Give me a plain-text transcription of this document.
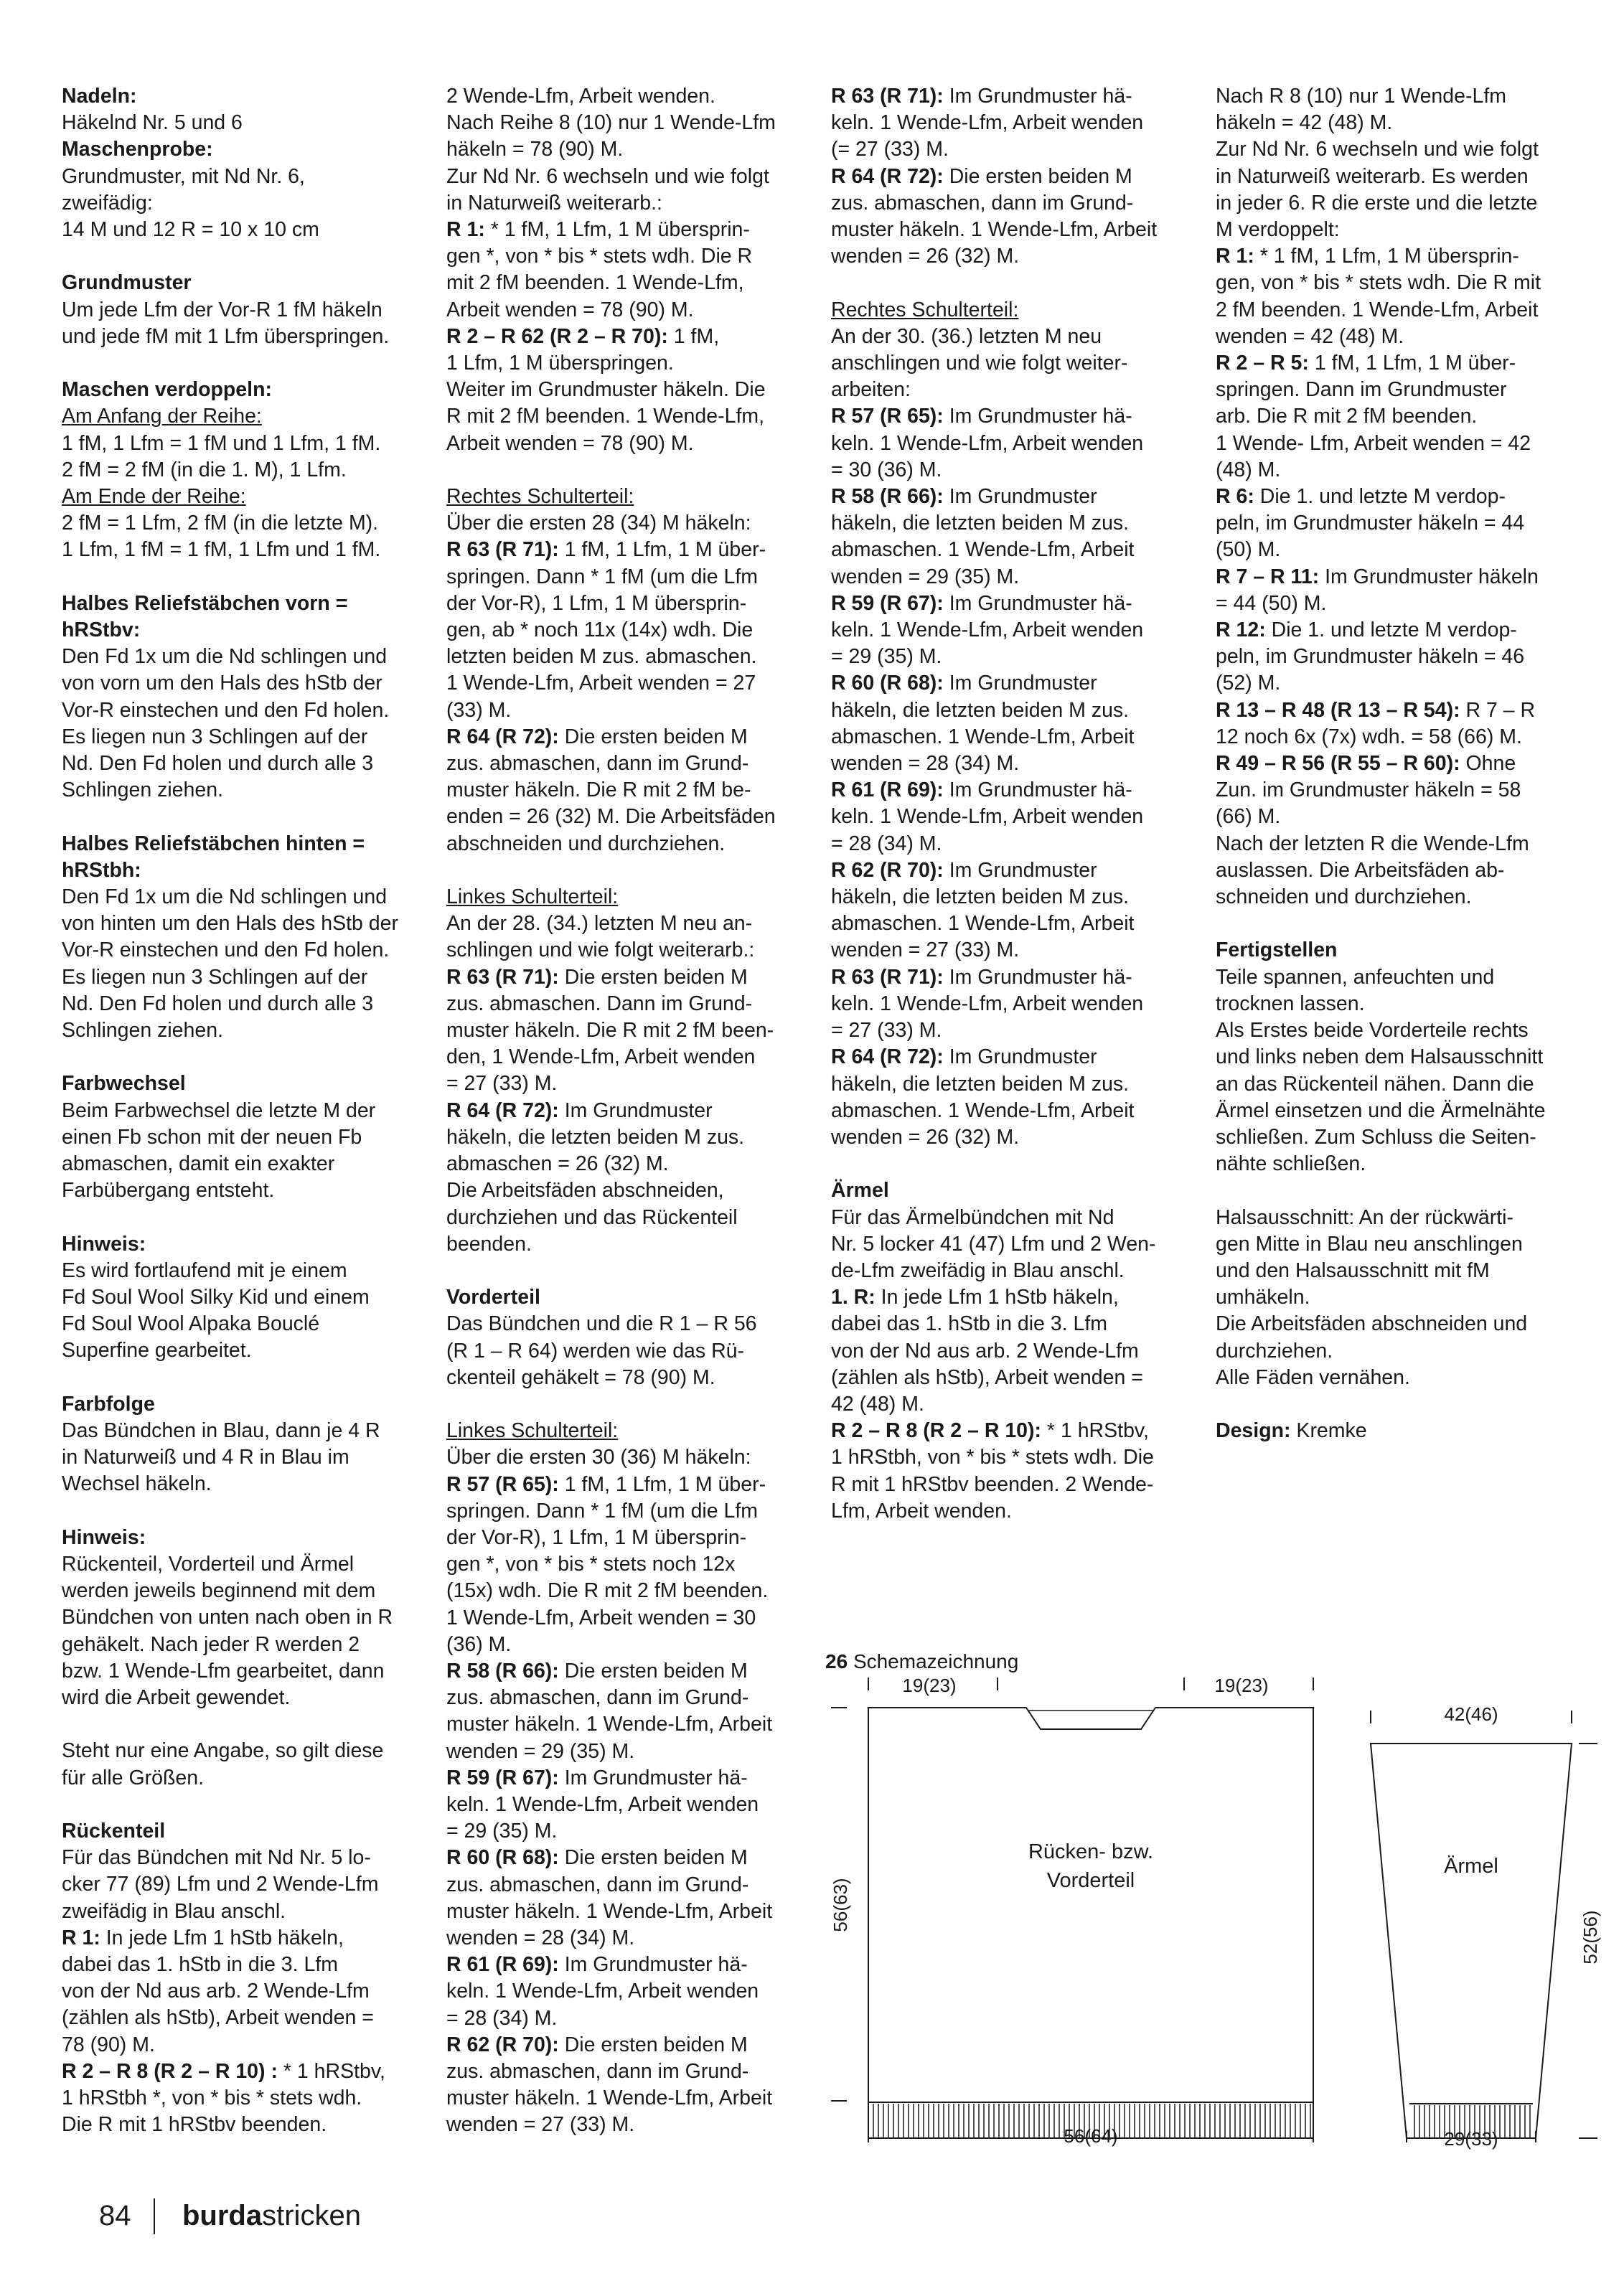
Nadeln:
Häkelnd Nr. 5 und 6
Maschenprobe:
Grundmuster, mit Nd Nr. 6,
zweifädig:
14 M und 12 R = 10 x 10 cm
Grundmuster
Um jede Lfm der Vor-R 1 fM häkeln
und jede fM mit 1 Lfm überspringen.
Maschen verdoppeln:
Am Anfang der Reihe:
1 fM, 1 Lfm = 1 fM und 1 Lfm, 1 fM.
2 fM = 2 fM (in die 1. M), 1 Lfm.
Am Ende der Reihe:
2 fM = 1 Lfm, 2 fM (in die letzte M).
1 Lfm, 1 fM = 1 fM, 1 Lfm und 1 fM.
Halbes Reliefstäbchen vorn =
hRStbv:
Den Fd 1x um die Nd schlingen und
von vorn um den Hals des hStb der
Vor-R einstechen und den Fd holen.
Es liegen nun 3 Schlingen auf der
Nd. Den Fd holen und durch alle 3
Schlingen ziehen.
Halbes Reliefstäbchen hinten =
hRStbh:
Den Fd 1x um die Nd schlingen und
von hinten um den Hals des hStb der
Vor-R einstechen und den Fd holen.
Es liegen nun 3 Schlingen auf der
Nd. Den Fd holen und durch alle 3
Schlingen ziehen.
Farbwechsel
Beim Farbwechsel die letzte M der
einen Fb schon mit der neuen Fb
abmaschen, damit ein exakter
Farbübergang entsteht.
Hinweis:
Es wird fortlaufend mit je einem
Fd Soul Wool Silky Kid und einem
Fd Soul Wool Alpaka Bouclé
Superfine gearbeitet.
Farbfolge
Das Bündchen in Blau, dann je 4 R
in Naturweiß und 4 R in Blau im
Wechsel häkeln.
Hinweis:
Rückenteil, Vorderteil und Ärmel
werden jeweils beginnend mit dem
Bündchen von unten nach oben in R
gehäkelt. Nach jeder R werden 2
bzw. 1 Wende-Lfm gearbeitet, dann
wird die Arbeit gewendet.
Steht nur eine Angabe, so gilt diese
für alle Größen.
Rückenteil
Für das Bündchen mit Nd Nr. 5 lo-
cker 77 (89) Lfm und 2 Wende-Lfm
zweifädig in Blau anschl.
R 1: In jede Lfm 1 hStb häkeln,
dabei das 1. hStb in die 3. Lfm
von der Nd aus arb. 2 Wende-Lfm
(zählen als hStb), Arbeit wenden =
78 (90) M.
R 2 – R 8 (R 2 – R 10) : * 1 hRStbv,
1 hRStbh *, von * bis * stets wdh.
Die R mit 1 hRStbv beenden.
2 Wende-Lfm, Arbeit wenden.
Nach Reihe 8 (10) nur 1 Wende-Lfm
häkeln = 78 (90) M.
Zur Nd Nr. 6 wechseln und wie folgt
in Naturweiß weiterarb.:
R 1: * 1 fM, 1 Lfm, 1 M übersprin-
gen *, von * bis * stets wdh. Die R
mit 2 fM beenden. 1 Wende-Lfm,
Arbeit wenden = 78 (90) M.
R 2 – R 62 (R 2 – R 70): 1 fM,
1 Lfm, 1 M überspringen.
Weiter im Grundmuster häkeln. Die
R mit 2 fM beenden. 1 Wende-Lfm,
Arbeit wenden = 78 (90) M.
Rechtes Schulterteil:
Über die ersten 28 (34) M häkeln:
R 63 (R 71): 1 fM, 1 Lfm, 1 M über-
springen. Dann * 1 fM (um die Lfm
der Vor-R), 1 Lfm, 1 M übersprin-
gen, ab * noch 11x (14x) wdh. Die
letzten beiden M zus. abmaschen.
1 Wende-Lfm, Arbeit wenden = 27
(33) M.
R 64 (R 72): Die ersten beiden M
zus. abmaschen, dann im Grund-
muster häkeln. Die R mit 2 fM be-
enden = 26 (32) M. Die Arbeitsfäden
abschneiden und durchziehen.
Linkes Schulterteil:
An der 28. (34.) letzten M neu an-
schlingen und wie folgt weiterarb.:
R 63 (R 71): Die ersten beiden M
zus. abmaschen. Dann im Grund-
muster häkeln. Die R mit 2 fM been-
den, 1 Wende-Lfm, Arbeit wenden
= 27 (33) M.
R 64 (R 72): Im Grundmuster
häkeln, die letzten beiden M zus.
abmaschen = 26 (32) M.
Die Arbeitsfäden abschneiden,
durchziehen und das Rückenteil
beenden.
Vorderteil
Das Bündchen und die R 1 – R 56
(R 1 – R 64) werden wie das Rü-
ckenteil gehäkelt = 78 (90) M.
Linkes Schulterteil:
Über die ersten 30 (36) M häkeln:
R 57 (R 65): 1 fM, 1 Lfm, 1 M über-
springen. Dann * 1 fM (um die Lfm
der Vor-R), 1 Lfm, 1 M übersprin-
gen *, von * bis * stets noch 12x
(15x) wdh. Die R mit 2 fM beenden.
1 Wende-Lfm, Arbeit wenden = 30
(36) M.
R 58 (R 66): Die ersten beiden M
zus. abmaschen, dann im Grund-
muster häkeln. 1 Wende-Lfm, Arbeit
wenden = 29 (35) M.
R 59 (R 67): Im Grundmuster hä-
keln. 1 Wende-Lfm, Arbeit wenden
= 29 (35) M.
R 60 (R 68): Die ersten beiden M
zus. abmaschen, dann im Grund-
muster häkeln. 1 Wende-Lfm, Arbeit
wenden = 28 (34) M.
R 61 (R 69): Im Grundmuster hä-
keln. 1 Wende-Lfm, Arbeit wenden
= 28 (34) M.
R 62 (R 70): Die ersten beiden M
zus. abmaschen, dann im Grund-
muster häkeln. 1 Wende-Lfm, Arbeit
wenden = 27 (33) M.
R 63 (R 71): Im Grundmuster hä-
keln. 1 Wende-Lfm, Arbeit wenden
(= 27 (33) M.
R 64 (R 72): Die ersten beiden M
zus. abmaschen, dann im Grund-
muster häkeln. 1 Wende-Lfm, Arbeit
wenden = 26 (32) M.
Rechtes Schulterteil:
An der 30. (36.) letzten M neu
anschlingen und wie folgt weiter-
arbeiten:
R 57 (R 65): Im Grundmuster hä-
keln. 1 Wende-Lfm, Arbeit wenden
= 30 (36) M.
R 58 (R 66): Im Grundmuster
häkeln, die letzten beiden M zus.
abmaschen. 1 Wende-Lfm, Arbeit
wenden = 29 (35) M.
R 59 (R 67): Im Grundmuster hä-
keln. 1 Wende-Lfm, Arbeit wenden
= 29 (35) M.
R 60 (R 68): Im Grundmuster
häkeln, die letzten beiden M zus.
abmaschen. 1 Wende-Lfm, Arbeit
wenden = 28 (34) M.
R 61 (R 69): Im Grundmuster hä-
keln. 1 Wende-Lfm, Arbeit wenden
= 28 (34) M.
R 62 (R 70): Im Grundmuster
häkeln, die letzten beiden M zus.
abmaschen. 1 Wende-Lfm, Arbeit
wenden = 27 (33) M.
R 63 (R 71): Im Grundmuster hä-
keln. 1 Wende-Lfm, Arbeit wenden
= 27 (33) M.
R 64 (R 72): Im Grundmuster
häkeln, die letzten beiden M zus.
abmaschen. 1 Wende-Lfm, Arbeit
wenden = 26 (32) M.
Ärmel
Für das Ärmelbündchen mit Nd
Nr. 5 locker 41 (47) Lfm und 2 Wen-
de-Lfm zweifädig in Blau anschl.
1. R: In jede Lfm 1 hStb häkeln,
dabei das 1. hStb in die 3. Lfm
von der Nd aus arb. 2 Wende-Lfm
(zählen als hStb), Arbeit wenden =
42 (48) M.
R 2 – R 8 (R 2 – R 10): * 1 hRStbv,
1 hRStbh, von * bis * stets wdh. Die
R mit 1 hRStbv beenden. 2 Wende-
Lfm, Arbeit wenden.
Nach R 8 (10) nur 1 Wende-Lfm
häkeln = 42 (48) M.
Zur Nd Nr. 6 wechseln und wie folgt
in Naturweiß weiterarb. Es werden
in jeder 6. R die erste und die letzte
M verdoppelt:
R 1: * 1 fM, 1 Lfm, 1 M übersprin-
gen, von * bis * stets wdh. Die R mit
2 fM beenden. 1 Wende-Lfm, Arbeit
wenden = 42 (48) M.
R 2 – R 5: 1 fM, 1 Lfm, 1 M über-
springen. Dann im Grundmuster
arb. Die R mit 2 fM beenden.
1 Wende- Lfm, Arbeit wenden = 42
(48) M.
R 6: Die 1. und letzte M verdop-
peln, im Grundmuster häkeln = 44
(50) M.
R 7 – R 11: Im Grundmuster häkeln
= 44 (50) M.
R 12: Die 1. und letzte M verdop-
peln, im Grundmuster häkeln = 46
(52) M.
R 13 – R 48 (R 13 – R 54): R 7 – R
12 noch 6x (7x) wdh. = 58 (66) M.
R 49 – R 56 (R 55 – R 60): Ohne
Zun. im Grundmuster häkeln = 58
(66) M.
Nach der letzten R die Wende-Lfm
auslassen. Die Arbeitsfäden ab-
schneiden und durchziehen.
Fertigstellen
Teile spannen, anfeuchten und
trocknen lassen.
Als Erstes beide Vorderteile rechts
und links neben dem Halsausschnitt
an das Rückenteil nähen. Dann die
Ärmel einsetzen und die Ärmelnähte
schließen. Zum Schluss die Seiten-
nähte schließen.
Halsausschnitt: An der rückwärti-
gen Mitte in Blau neu anschlingen
und den Halsausschnitt mit fM
umhäkeln.
Die Arbeitsfäden abschneiden und
durchziehen.
Alle Fäden vernähen.
Design: Kremke
26 Schemazeichnung
Rücken- bzw.
Vorderteil
19(23)	19(23)
56(63)
56(64)
Ärmel
42(46)
52(56)
29(33)
84 burdastricken
